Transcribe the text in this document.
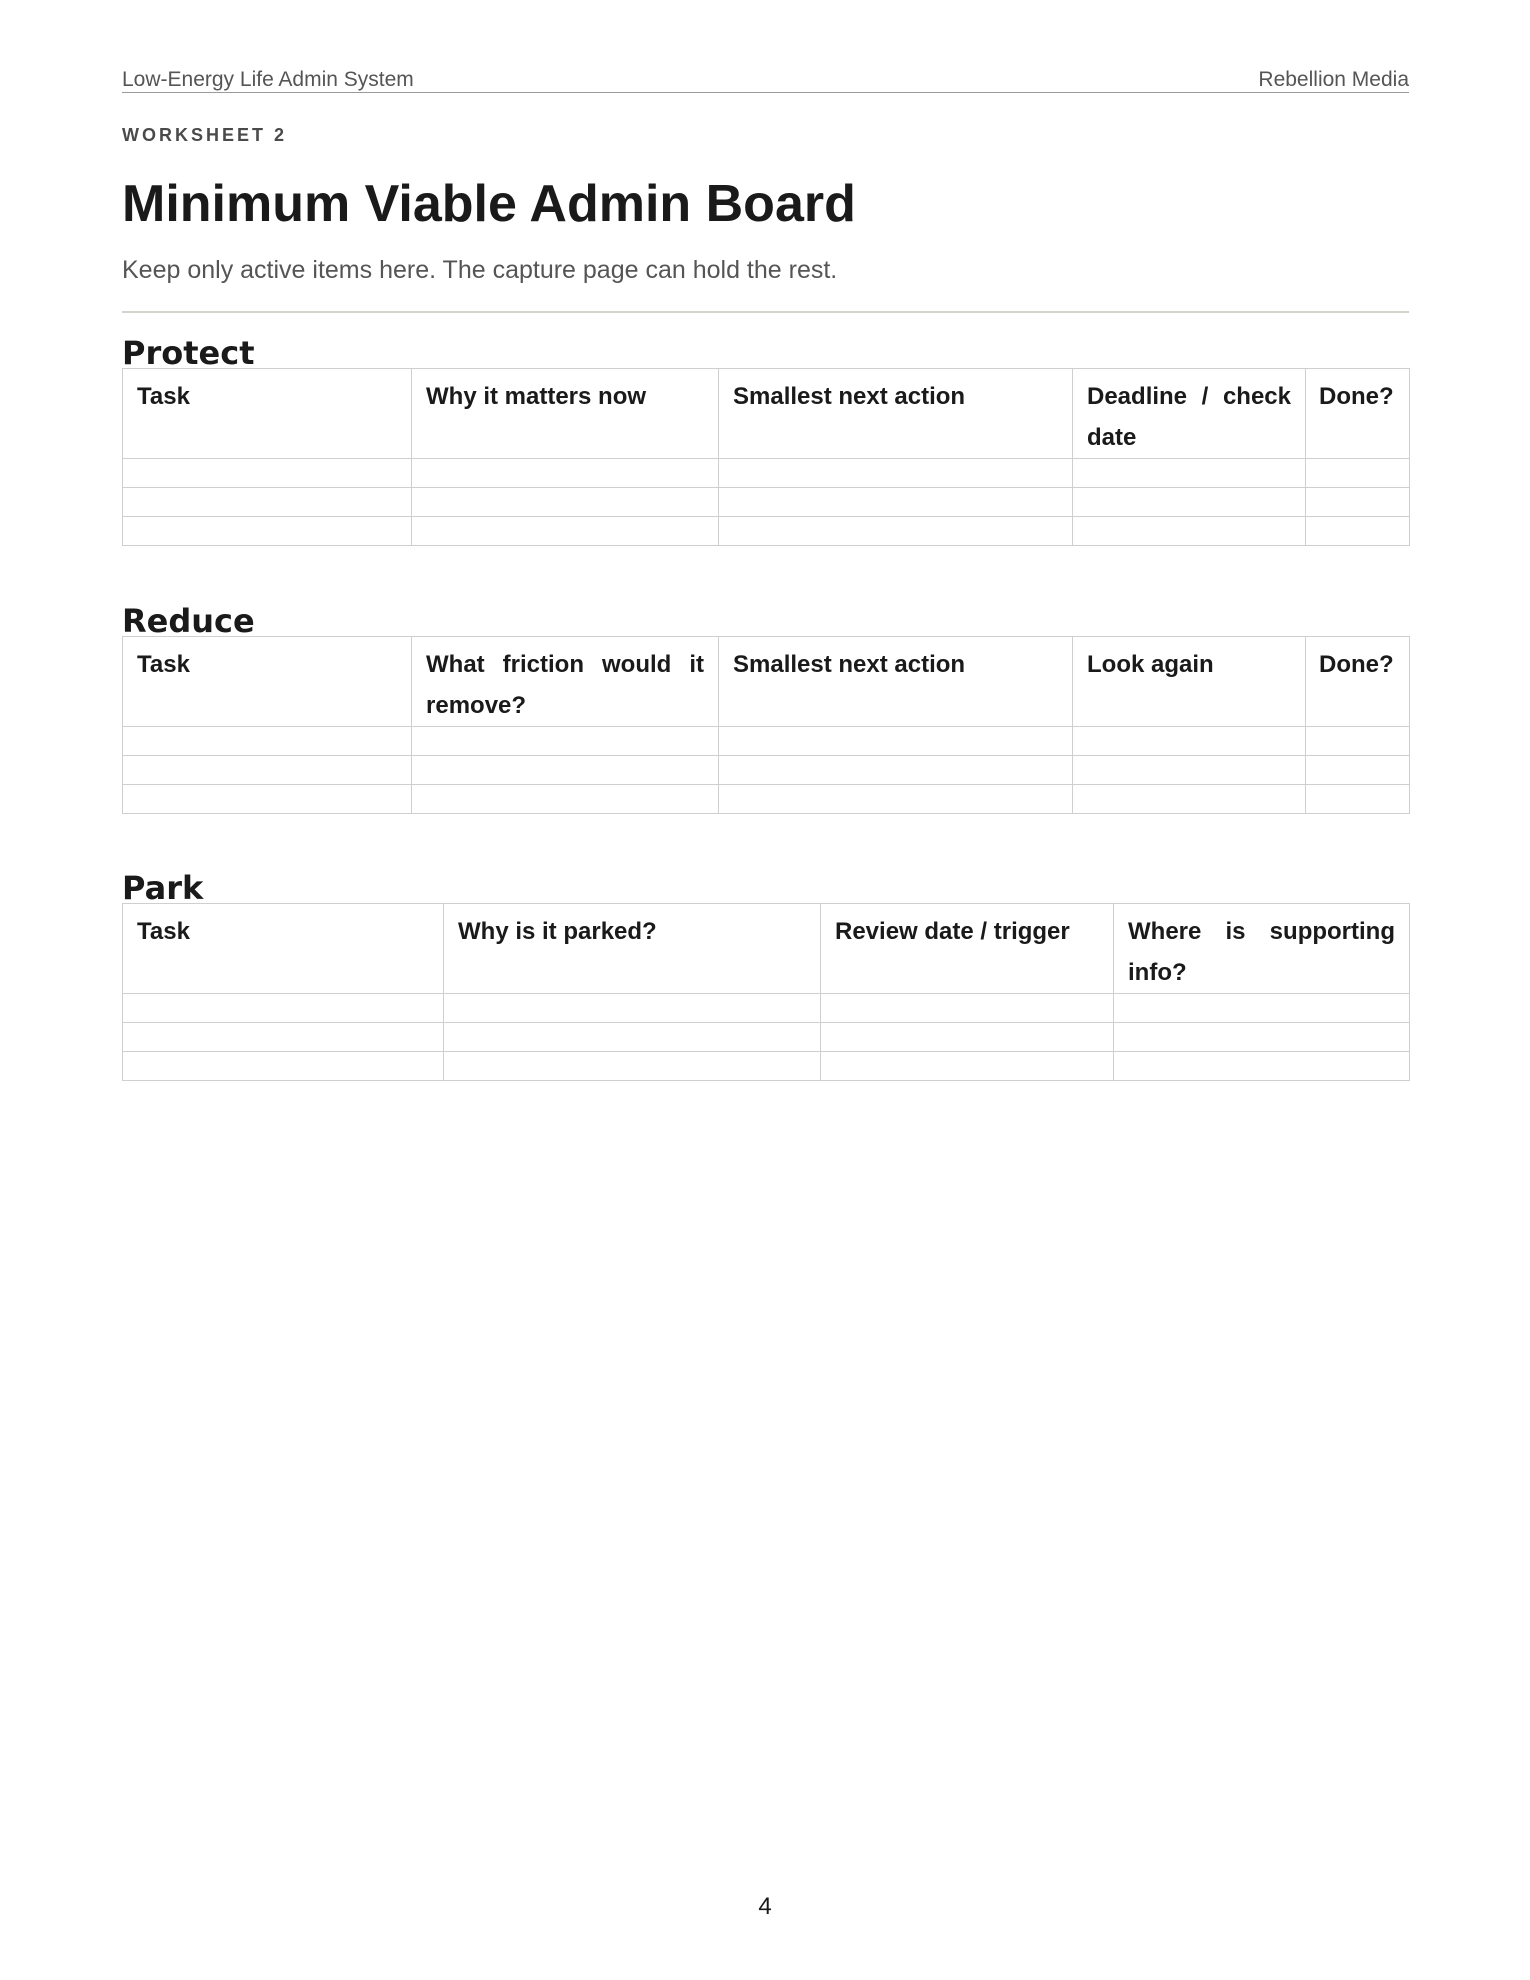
Low-Energy Life Admin System	Rebellion Media
WORKSHEET 2
Minimum Viable Admin Board
Keep only active items here. The capture page can hold the rest.
Protect
Task	Why it matters now	Smallest next action	Deadline / check date	Done?

Reduce
Task	What friction would it remove?	Smallest next action	Look again	Done?

Park
Task	Why is it parked?	Review date / trigger	Where is supporting info?

4
